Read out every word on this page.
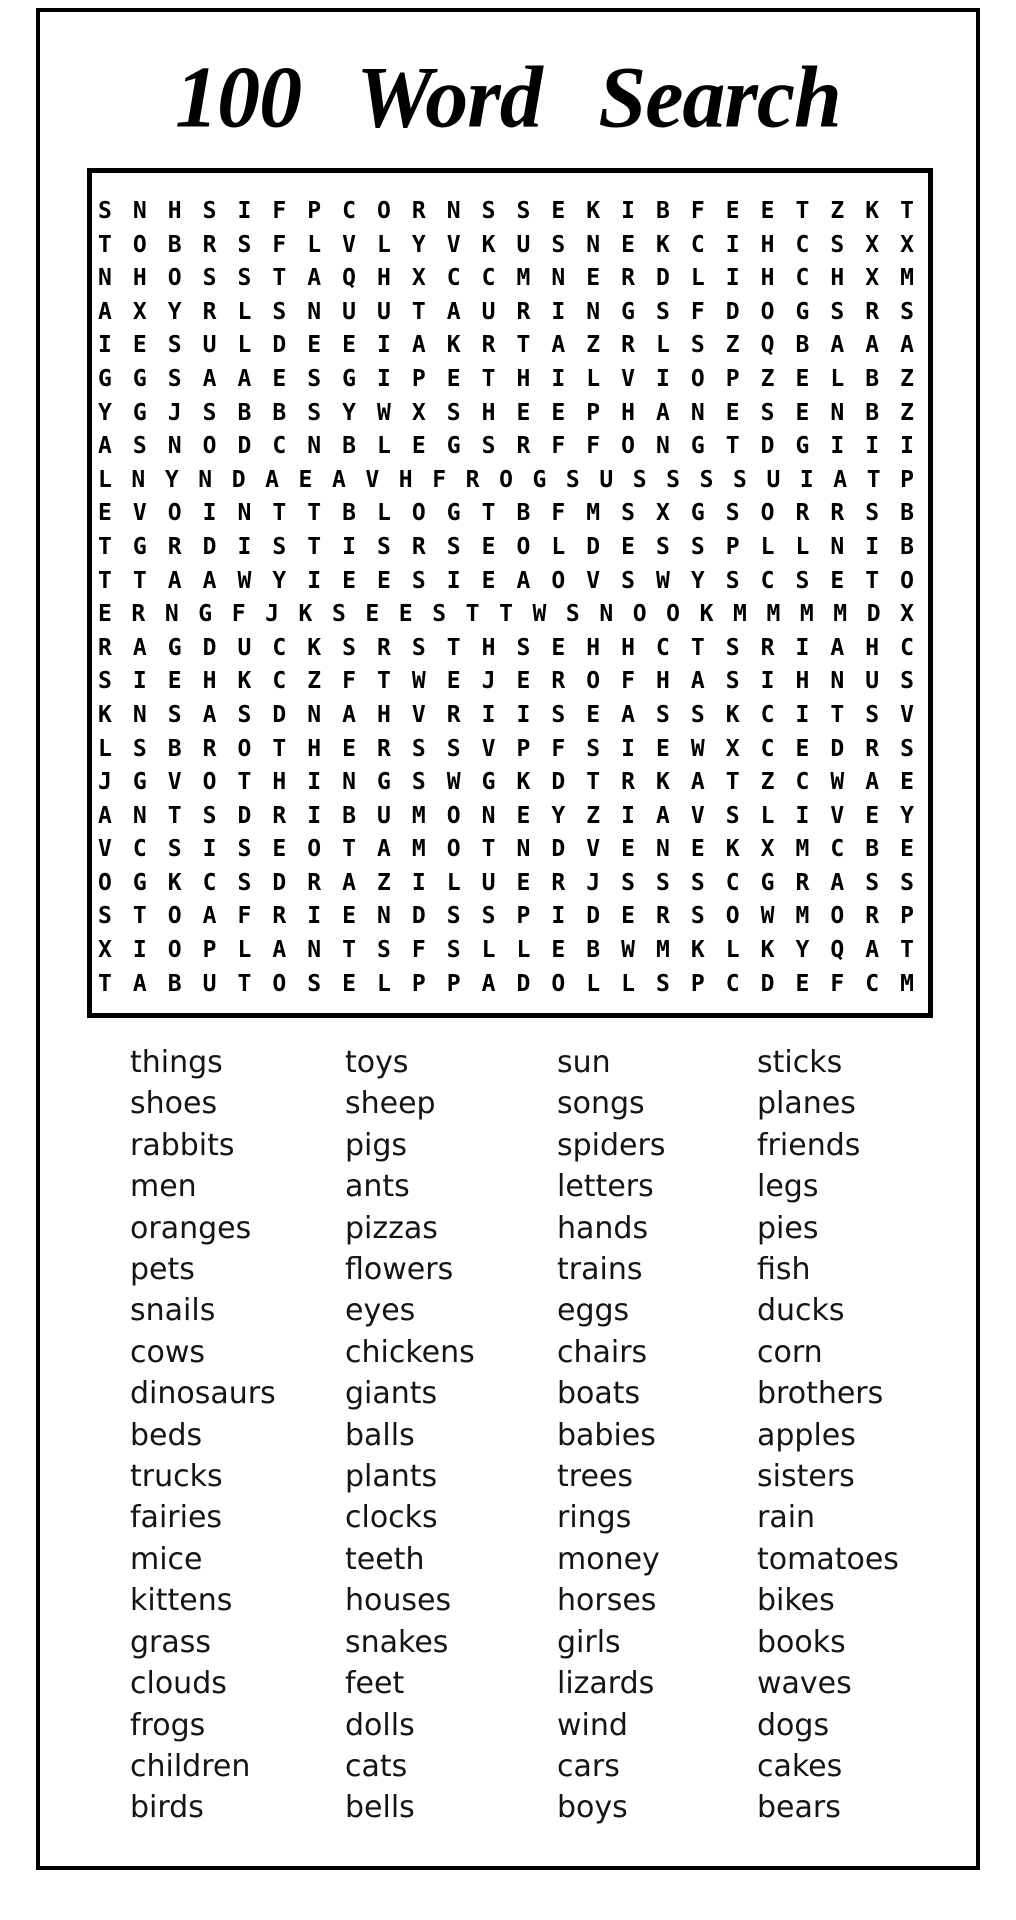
100 Word Search
S N H S I F P C O R N S S E K I B F E E T Z K T
T O B R S F L V L Y V K U S N E K C I H C S X X
N H O S S T A Q H X C C M N E R D L I H C H X M
A X Y R L S N U U T A U R I N G S F D O G S R S
I E S U L D E E I A K R T A Z R L S Z Q B A A A
G G S A A E S G I P E T H I L V I O P Z E L B Z
Y G J S B B S Y W X S H E E P H A N E S E N B Z
A S N O D C N B L E G S R F F O N G T D G I I I
L N Y N D A E A V H F R O G S U S S S S U I A T P
E V O I N T T B L O G T B F M S X G S O R R S B
T G R D I S T I S R S E O L D E S S P L L N I B
T T A A W Y I E E S I E A O V S W Y S C S E T O
E R N G F J K S E E S T T W S N O O K M M M M D X
R A G D U C K S R S T H S E H H C T S R I A H C
S I E H K C Z F T W E J E R O F H A S I H N U S
K N S A S D N A H V R I I S E A S S K C I T S V
L S B R O T H E R S S V P F S I E W X C E D R S
J G V O T H I N G S W G K D T R K A T Z C W A E
A N T S D R I B U M O N E Y Z I A V S L I V E Y
V C S I S E O T A M O T N D V E N E K X M C B E
O G K C S D R A Z I L U E R J S S S C G R A S S
S T O A F R I E N D S S P I D E R S O W M O R P
X I O P L A N T S F S L L E B W M K L K Y Q A T
T A B U T O S E L P P A D O L L S P C D E F C M
things
shoes
rabbits
men
oranges
pets
snails
cows
dinosaurs
beds
trucks
fairies
mice
kittens
grass
clouds
frogs
children
birds
toys
sheep
pigs
ants
pizzas
flowers
eyes
chickens
giants
balls
plants
clocks
teeth
houses
snakes
feet
dolls
cats
bells
sun
songs
spiders
letters
hands
trains
eggs
chairs
boats
babies
trees
rings
money
horses
girls
lizards
wind
cars
boys
sticks
planes
friends
legs
pies
fish
ducks
corn
brothers
apples
sisters
rain
tomatoes
bikes
books
waves
dogs
cakes
bears
